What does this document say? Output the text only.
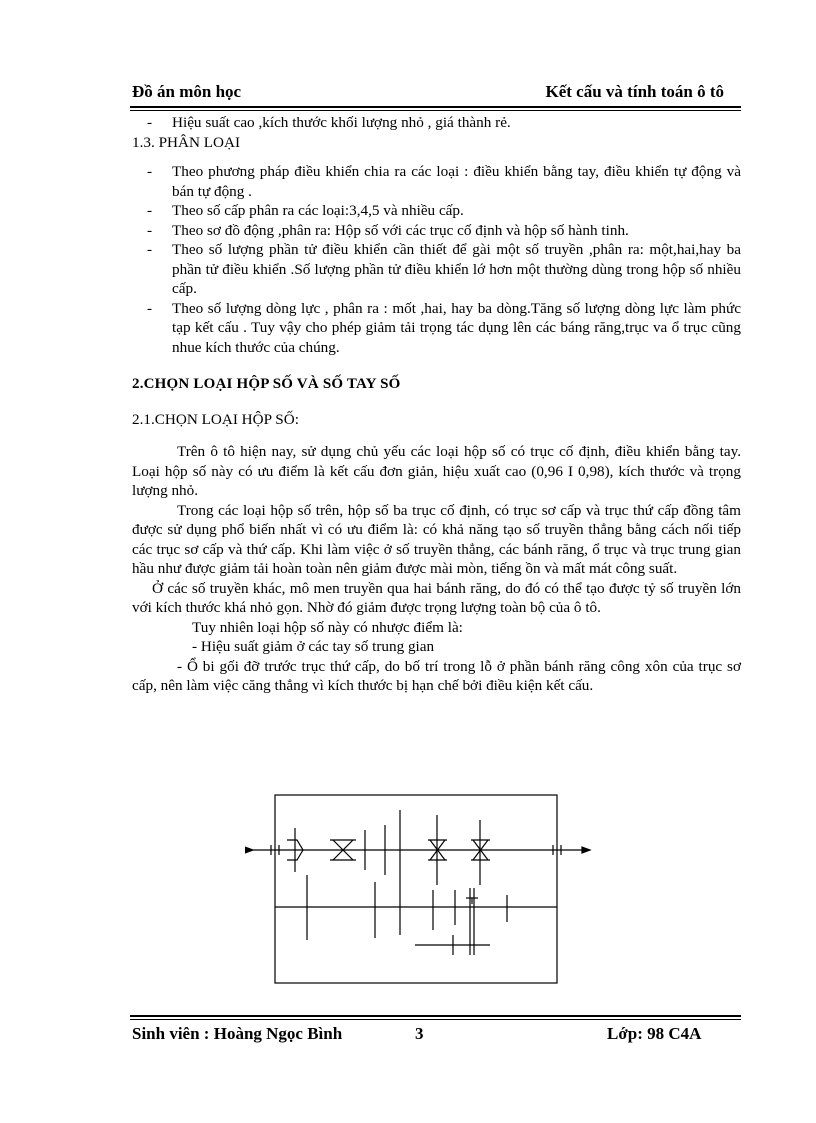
Đồ án môn học	Kết cấu và tính toán ô tô
- Hiệu suất cao ,kích thước khối lượng nhỏ , giá thành rẻ.

1.3. PHÂN LOẠI

- Theo phương pháp điều khiển chia ra các loại : điều khiển bằng tay, điều khiển tự động và bán tự động .
- Theo số cấp phân ra các loại:3,4,5 và nhiều cấp.
- Theo sơ đồ động ,phân ra: Hộp số với các trục cố định và hộp số hành tinh.
- Theo số lượng phần tử điều khiển cần thiết để gài một số truyền ,phân ra: một,hai,hay ba phần tử điều khiển .Số lượng phần tử điều khiển lớ hơn một thường dùng trong hộp số nhiều cấp.
- Theo số lượng dòng lực , phân ra : mốt ,hai, hay ba dòng.Tăng số lượng dòng lực làm phức tạp kết cấu . Tuy vậy cho phép giảm tải trọng tác dụng lên các báng răng,trục va ổ trục cũng nhue kích thước của chúng.

2.CHỌN LOẠI HỘP SỐ VÀ SỐ TAY SỐ

2.1.CHỌN LOẠI HỘP SỐ:

Trên ô tô hiện nay, sử dụng chủ yếu các loại hộp số có trục cố định, điều khiển bằng tay. Loại hộp số này có ưu điểm là kết cấu đơn giản, hiệu xuất cao (0,96 I 0,98), kích thước và trọng lượng nhỏ.

Trong các loại hộp số trên, hộp số ba trục cố định, có trục sơ cấp và trục thứ cấp đồng tâm được sử dụng phổ biến nhất vì có ưu điểm là: có khả năng tạo số truyền thẳng bằng cách nối tiếp các trục sơ cấp và thứ cấp. Khi làm việc ở số truyền thẳng, các bánh răng, ổ trục và trục trung gian hầu như được giảm tải hoàn toàn nên giảm được mài mòn, tiếng ồn và mất mát công suất.

Ở các số truyền khác, mô men truyền qua hai bánh răng, do đó có thể tạo được tỷ số truyền lớn với kích thước khá nhỏ gọn. Nhờ đó giảm được trọng lượng toàn bộ của ô tô.

Tuy nhiên loại hộp số này có nhược điểm là:

- Hiệu suất giảm ở các tay số trung gian

- Ổ bi gối đỡ trước trục thứ cấp, do bố trí trong lỗ ở phần bánh răng công xôn của trục sơ cấp, nên làm việc căng thẳng vì kích thước bị hạn chế bởi điều kiện kết cấu.

Sinh viên : Hoàng Ngọc Bình	3	Lớp: 98 C4A
